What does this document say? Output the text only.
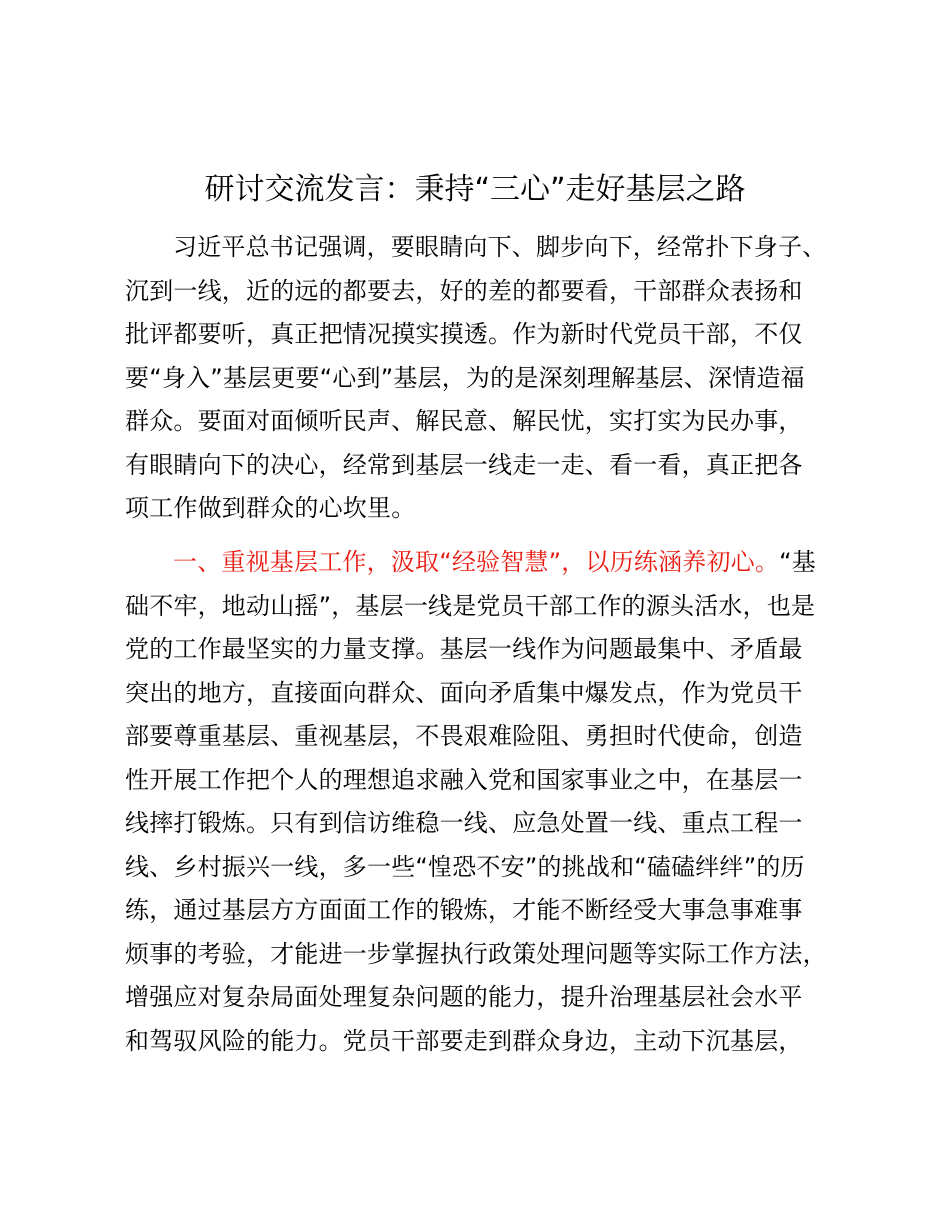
研讨交流发言：秉持“三心”走好基层之路
习近平总书记强调，要眼睛向下、脚步向下，经常扑下身子、
沉到一线，近的远的都要去，好的差的都要看，干部群众表扬和
批评都要听，真正把情况摸实摸透。作为新时代党员干部，不仅
要“身入”基层更要“心到”基层，为的是深刻理解基层、深情造福
群众。要面对面倾听民声、解民意、解民忧，实打实为民办事，
有眼睛向下的决心，经常到基层一线走一走、看一看，真正把各
项工作做到群众的心坎里。
一、重视基层工作，汲取“经验智慧”，以历练涵养初心。“基
础不牢，地动山摇”，基层一线是党员干部工作的源头活水，也是
党的工作最坚实的力量支撑。基层一线作为问题最集中、矛盾最
突出的地方，直接面向群众、面向矛盾集中爆发点，作为党员干
部要尊重基层、重视基层，不畏艰难险阻、勇担时代使命，创造
性开展工作把个人的理想追求融入党和国家事业之中，在基层一
线摔打锻炼。只有到信访维稳一线、应急处置一线、重点工程一
线、乡村振兴一线，多一些“惶恐不安”的挑战和“磕磕绊绊”的历
练，通过基层方方面面工作的锻炼，才能不断经受大事急事难事
烦事的考验，才能进一步掌握执行政策处理问题等实际工作方法，
增强应对复杂局面处理复杂问题的能力，提升治理基层社会水平
和驾驭风险的能力。党员干部要走到群众身边，主动下沉基层，
